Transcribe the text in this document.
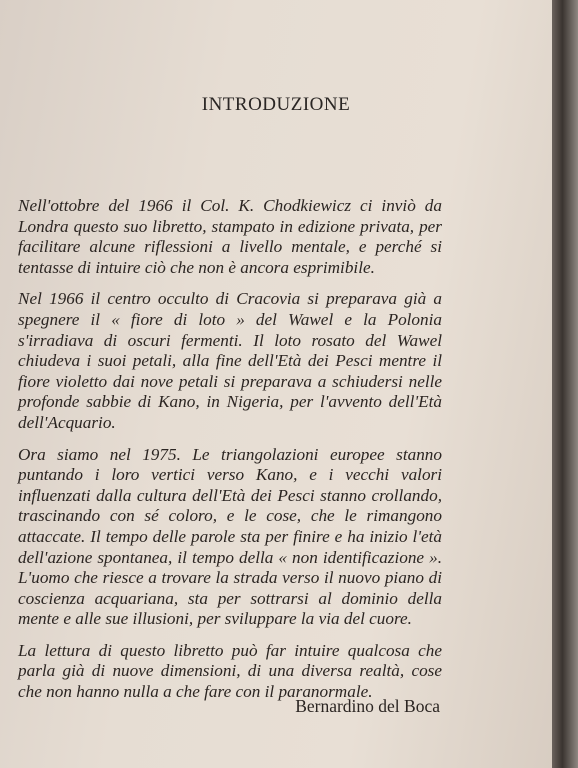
INTRODUZIONE

Nell'ottobre del 1966 il Col. K. Chodkiewicz ci inviò da Londra questo suo libretto, stampato in edizione privata, per facilitare alcune riflessioni a livello mentale, e perché si tentasse di intuire ciò che non è ancora esprimibile.

Nel 1966 il centro occulto di Cracovia si preparava già a spegnere il « fiore di loto » del Wawel e la Polonia s'irradiava di oscuri fermenti. Il loto rosato del Wawel chiudeva i suoi petali, alla fine dell'Età dei Pesci mentre il fiore violetto dai nove petali si preparava a schiudersi nelle profonde sabbie di Kano, in Nigeria, per l'avvento dell'Età dell'Acquario.

Ora siamo nel 1975. Le triangolazioni europee stanno puntando i loro vertici verso Kano, e i vecchi valori influenzati dalla cultura dell'Età dei Pesci stanno crollando, trascinando con sé coloro, e le cose, che le rimangono attaccate. Il tempo delle parole sta per finire e ha inizio l'età dell'azione spontanea, il tempo della « non identificazione ». L'uomo che riesce a trovare la strada verso il nuovo piano di coscienza acquariana, sta per sottrarsi al dominio della mente e alle sue illusioni, per sviluppare la via del cuore.

La lettura di questo libretto può far intuire qualcosa che parla già di nuove dimensioni, di una diversa realtà, cose che non hanno nulla a che fare con il paranormale.

Bernardino del Boca
